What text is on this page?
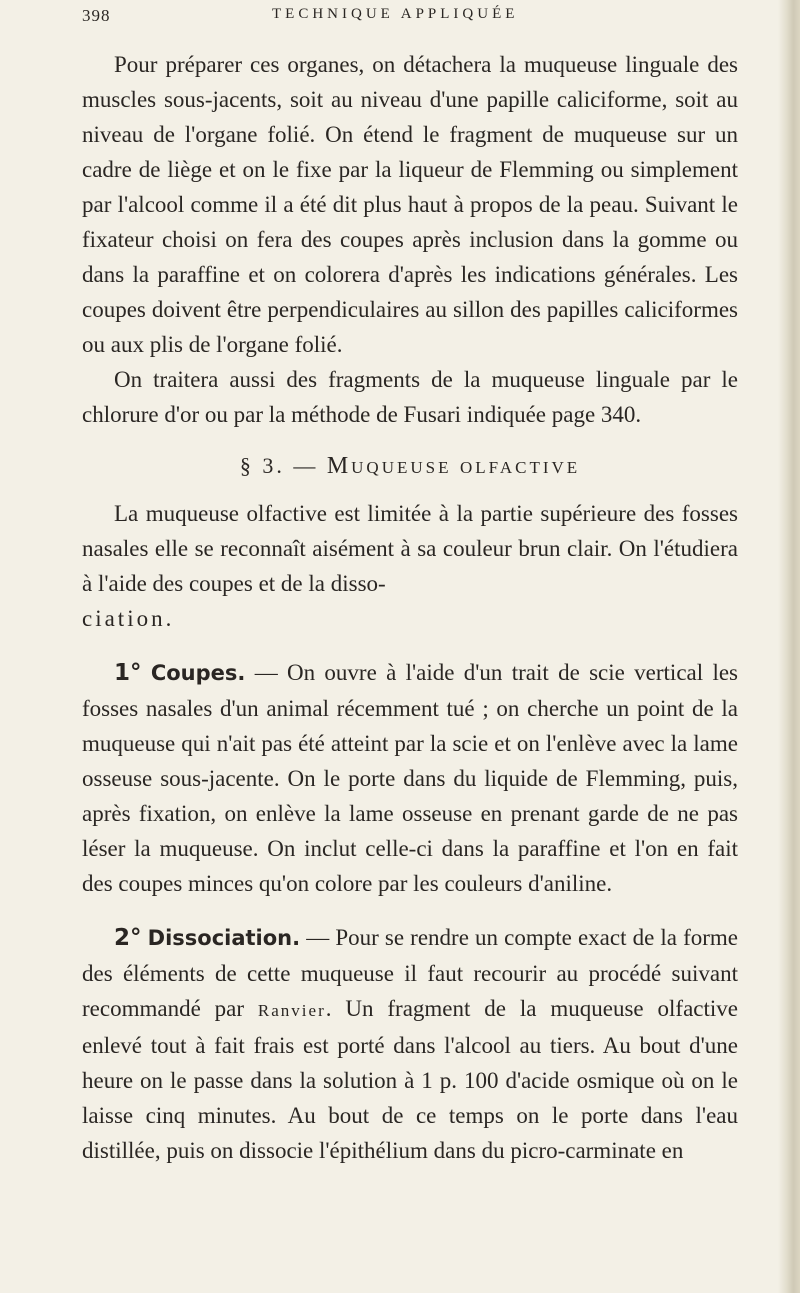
398	TECHNIQUE APPLIQUÉE

Pour préparer ces organes, on détachera la muqueuse linguale des muscles sous-jacents, soit au niveau d'une papille caliciforme, soit au niveau de l'organe folié. On étend le fragment de muqueuse sur un cadre de liège et on le fixe par la liqueur de Flemming ou simplement par l'alcool comme il a été dit plus haut à propos de la peau. Suivant le fixateur choisi on fera des coupes après inclusion dans la gomme ou dans la paraffine et on colorera d'après les indications générales. Les coupes doivent être perpendiculaires au sillon des papilles caliciformes ou aux plis de l'organe folié.

On traitera aussi des fragments de la muqueuse linguale par le chlorure d'or ou par la méthode de Fusari indiquée page 340.

§ 3. — MUQUEUSE OLFACTIVE

La muqueuse olfactive est limitée à la partie supérieure des fosses nasales elle se reconnaît aisément à sa couleur brun clair. On l'étudiera à l'aide des coupes et de la disso-
ciation.

1° Coupes. — On ouvre à l'aide d'un trait de scie vertical les fosses nasales d'un animal récemment tué ; on cherche un point de la muqueuse qui n'ait pas été atteint par la scie et on l'enlève avec la lame osseuse sous-jacente. On le porte dans du liquide de Flemming, puis, après fixation, on enlève la lame osseuse en prenant garde de ne pas léser la muqueuse. On inclut celle-ci dans la paraffine et l'on en fait des coupes minces qu'on colore par les couleurs d'aniline.

2° Dissociation. — Pour se rendre un compte exact de la forme des éléments de cette muqueuse il faut recourir au procédé suivant recommandé par Ranvier. Un fragment de la muqueuse olfactive enlevé tout à fait frais est porté dans l'alcool au tiers. Au bout d'une heure on le passe dans la solution à 1 p. 100 d'acide osmique où on le laisse cinq minutes. Au bout de ce temps on le porte dans l'eau distillée, puis on dissocie l'épithélium dans du picro-carminate en
